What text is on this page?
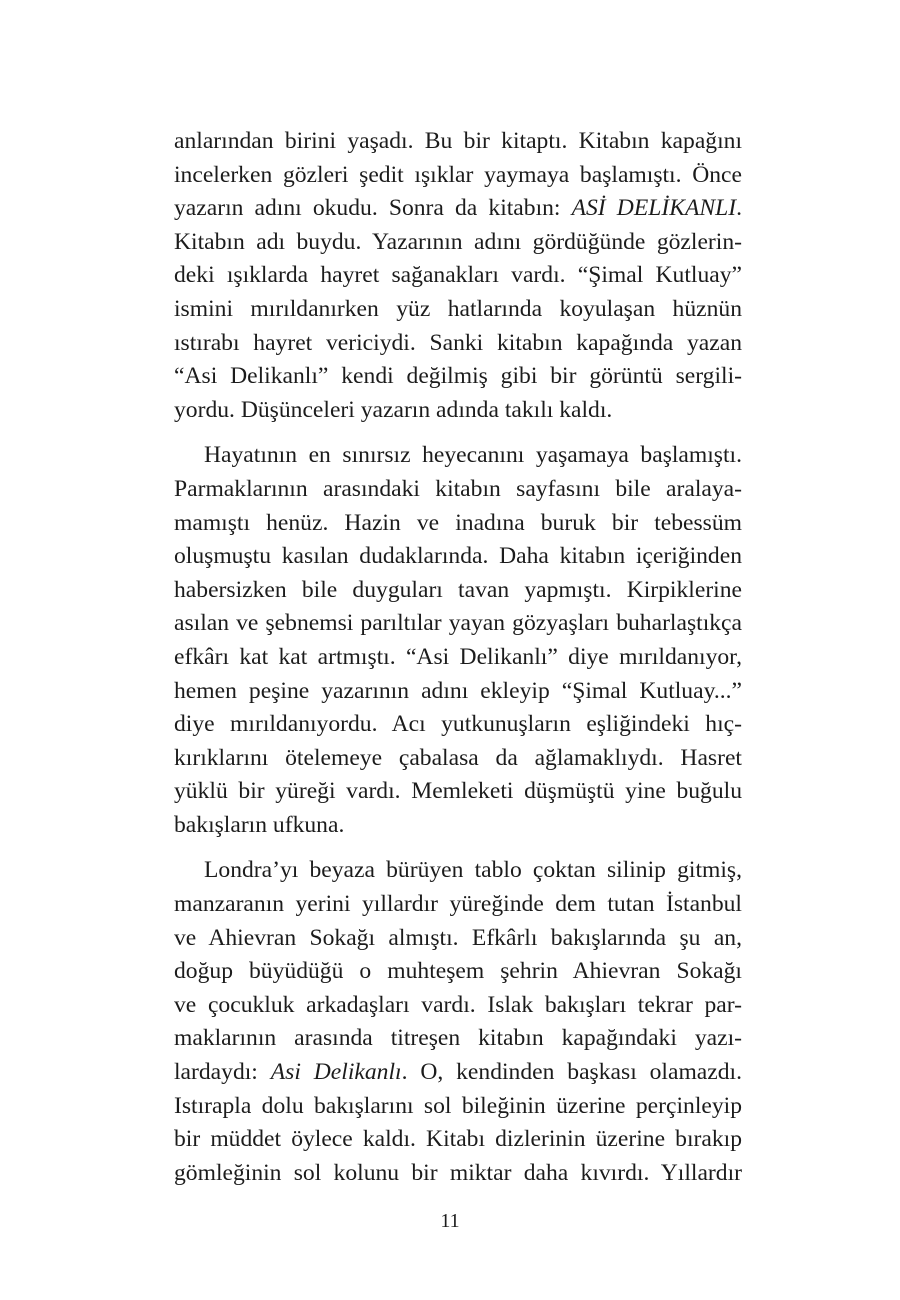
anlarından birini yaşadı. Bu bir kitaptı. Kitabın kapağını
incelerken gözleri şedit ışıklar yaymaya başlamıştı. Önce
yazarın adını okudu. Sonra da kitabın: ASİ DELİKANLI.
Kitabın adı buydu. Yazarının adını gördüğünde gözlerin-
deki ışıklarda hayret sağanakları vardı. “Şimal Kutluay”
ismini mırıldanırken yüz hatlarında koyulaşan hüznün
ıstırabı hayret vericiydi. Sanki kitabın kapağında yazan
“Asi Delikanlı” kendi değilmiş gibi bir görüntü sergili-
yordu. Düşünceleri yazarın adında takılı kaldı.
Hayatının en sınırsız heyecanını yaşamaya başlamıştı.
Parmaklarının arasındaki kitabın sayfasını bile aralaya-
mamıştı henüz. Hazin ve inadına buruk bir tebessüm
oluşmuştu kasılan dudaklarında. Daha kitabın içeriğinden
habersizken bile duyguları tavan yapmıştı. Kirpiklerine
asılan ve şebnemsi parıltılar yayan gözyaşları buharlaştıkça
efkârı kat kat artmıştı. “Asi Delikanlı” diye mırıldanıyor,
hemen peşine yazarının adını ekleyip “Şimal Kutluay...”
diye mırıldanıyordu. Acı yutkunuşların eşliğindeki hıç-
kırıklarını ötelemeye çabalasa da ağlamaklıydı. Hasret
yüklü bir yüreği vardı. Memleketi düşmüştü yine buğulu
bakışların ufkuna.
Londra’yı beyaza bürüyen tablo çoktan silinip gitmiş,
manzaranın yerini yıllardır yüreğinde dem tutan İstanbul
ve Ahievran Sokağı almıştı. Efkârlı bakışlarında şu an,
doğup büyüdüğü o muhteşem şehrin Ahievran Sokağı
ve çocukluk arkadaşları vardı. Islak bakışları tekrar par-
maklarının arasında titreşen kitabın kapağındaki yazı-
lardaydı: Asi Delikanlı. O, kendinden başkası olamazdı.
Istırapla dolu bakışlarını sol bileğinin üzerine perçinleyip
bir müddet öylece kaldı. Kitabı dizlerinin üzerine bırakıp
gömleğinin sol kolunu bir miktar daha kıvırdı. Yıllardır
11
